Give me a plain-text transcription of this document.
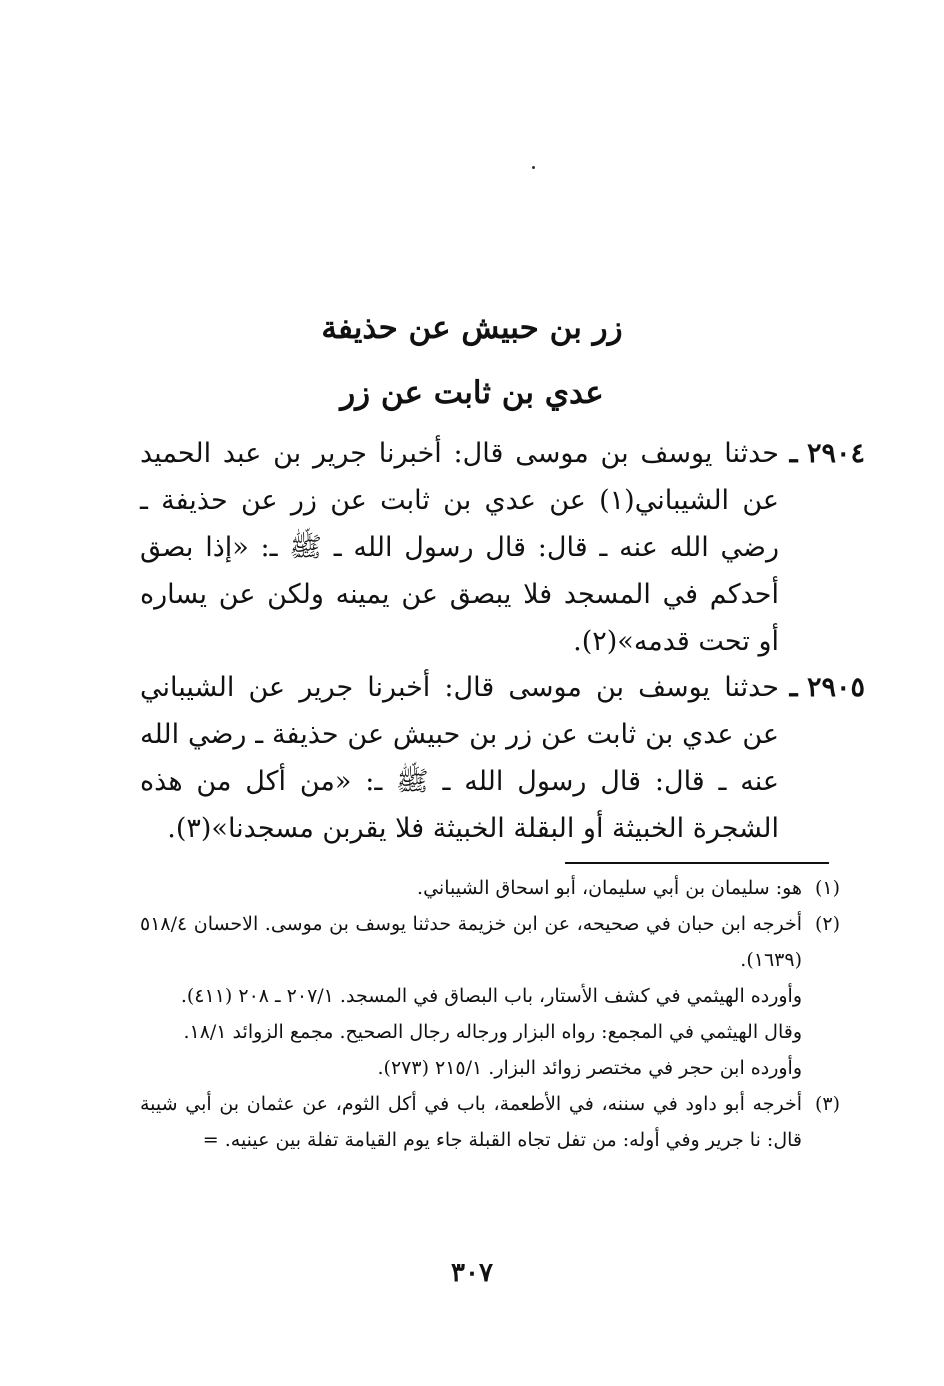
زر بن حبيش عن حذيفة
عدي بن ثابت عن زر

٢٩٠٤ ـ
حدثنا يوسف بن موسى قال: أخبرنا جرير بن عبد الحميد عن الشيباني(١) عن عدي بن ثابت عن زر عن حذيفة ـ رضي الله عنه ـ قال: قال رسول الله ـ ﷺ ـ: «إذا بصق أحدكم في المسجد فلا يبصق عن يمينه ولكن عن يساره أو تحت قدمه»(٢).

٢٩٠٥ ـ
حدثنا يوسف بن موسى قال: أخبرنا جرير عن الشيباني عن عدي بن ثابت عن زر بن حبيش عن حذيفة ـ رضي الله عنه ـ قال: قال رسول الله ـ ﷺ ـ: «من أكل من هذه الشجرة الخبيثة أو البقلة الخبيثة فلا يقربن مسجدنا»(٣).

(١)
هو: سليمان بن أبي سليمان، أبو اسحاق الشيباني.

(٢)
أخرجه ابن حبان في صحيحه، عن ابن خزيمة حدثنا يوسف بن موسى. الاحسان ٥١٨/٤ (١٦٣٩).

وأورده الهيثمي في كشف الأستار، باب البصاق في المسجد. ٢٠٧/١ ـ ٢٠٨ (٤١١).

وقال الهيثمي في المجمع: رواه البزار ورجاله رجال الصحيح. مجمع الزوائد ١٨/١.

وأورده ابن حجر في مختصر زوائد البزار. ٢١٥/١ (٢٧٣).

(٣)
أخرجه أبو داود في سننه، في الأطعمة، باب في أكل الثوم، عن عثمان بن أبي شيبة قال: نا جرير وفي أوله: من تفل تجاه القبلة جاء يوم القيامة تفلة بين عينيه. =

٣٠٧
